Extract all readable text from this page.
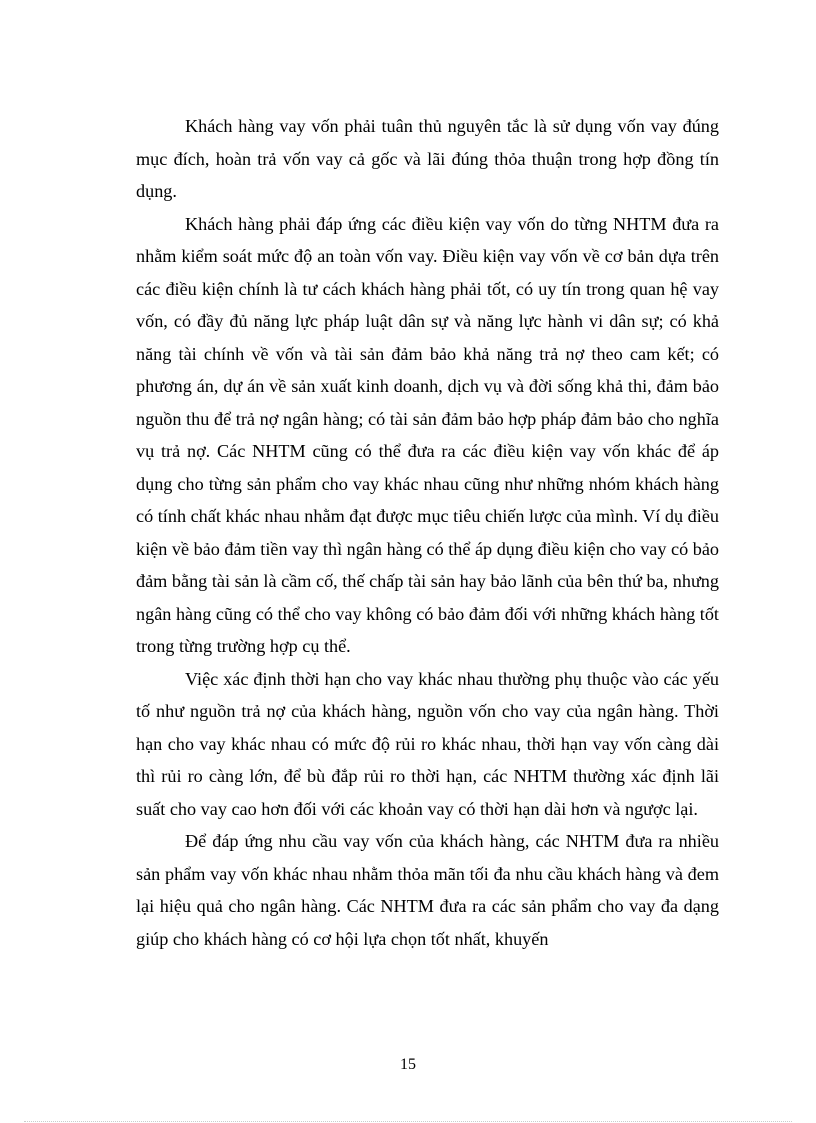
Khách hàng vay vốn phải tuân thủ nguyên tắc là sử dụng vốn vay đúng mục đích, hoàn trả vốn vay cả gốc và lãi đúng thỏa thuận trong hợp đồng tín dụng.

Khách hàng phải đáp ứng các điều kiện vay vốn do từng NHTM đưa ra nhằm kiểm soát mức độ an toàn vốn vay. Điều kiện vay vốn về cơ bản dựa trên các điều kiện chính là tư cách khách hàng phải tốt, có uy tín trong quan hệ vay vốn, có đầy đủ năng lực pháp luật dân sự và năng lực hành vi dân sự; có khả năng tài chính về vốn và tài sản đảm bảo khả năng trả nợ theo cam kết; có phương án, dự án về sản xuất kinh doanh, dịch vụ và đời sống khả thi, đảm bảo nguồn thu để trả nợ ngân hàng; có tài sản đảm bảo hợp pháp đảm bảo cho nghĩa vụ trả nợ. Các NHTM cũng có thể đưa ra các điều kiện vay vốn khác để áp dụng cho từng sản phẩm cho vay khác nhau cũng như những nhóm khách hàng có tính chất khác nhau nhằm đạt được mục tiêu chiến lược của mình. Ví dụ điều kiện về bảo đảm tiền vay thì ngân hàng có thể áp dụng điều kiện cho vay có bảo đảm bằng tài sản là cầm cố, thế chấp tài sản hay bảo lãnh của bên thứ ba, nhưng ngân hàng cũng có thể cho vay không có bảo đảm đối với những khách hàng tốt trong từng trường hợp cụ thể.

Việc xác định thời hạn cho vay khác nhau thường phụ thuộc vào các yếu tố như nguồn trả nợ của khách hàng, nguồn vốn cho vay của ngân hàng. Thời hạn cho vay khác nhau có mức độ rủi ro khác nhau, thời hạn vay vốn càng dài thì rủi ro càng lớn, để bù đắp rủi ro thời hạn, các NHTM thường xác định lãi suất cho vay cao hơn đối với các khoản vay có thời hạn dài hơn và ngược lại.

Để đáp ứng nhu cầu vay vốn của khách hàng, các NHTM đưa ra nhiều sản phẩm vay vốn khác nhau nhằm thỏa mãn tối đa nhu cầu khách hàng và đem lại hiệu quả cho ngân hàng. Các NHTM đưa ra các sản phẩm cho vay đa dạng giúp cho khách hàng có cơ hội lựa chọn tốt nhất, khuyến

15
